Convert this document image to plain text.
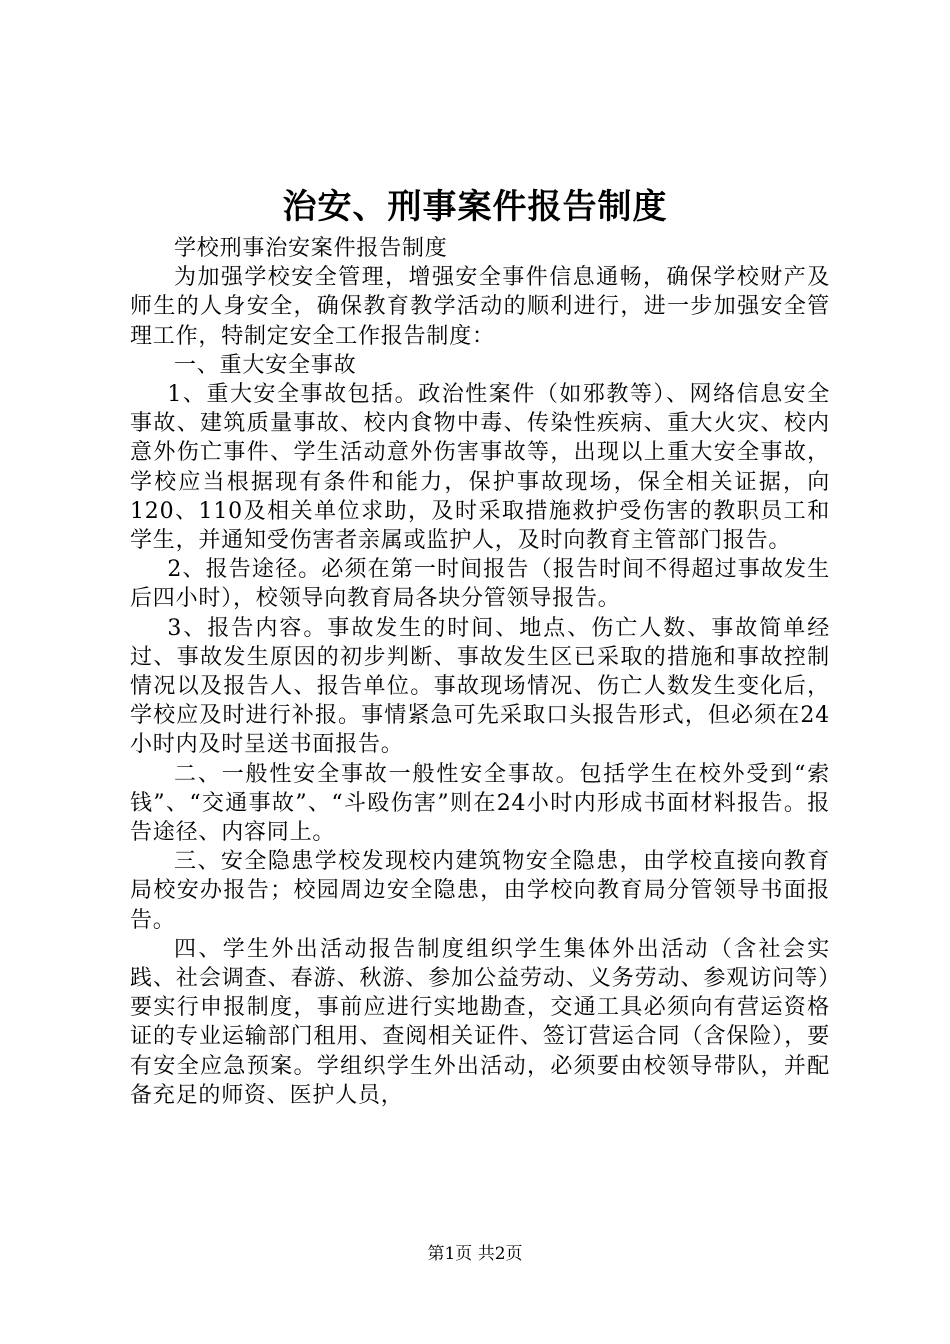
治安、刑事案件报告制度

学校刑事治安案件报告制度

为加强学校安全管理，增强安全事件信息通畅，确保学校财产及师生的人身安全，确保教育教学活动的顺利进行，进一步加强安全管理工作，特制定安全工作报告制度：

一、重大安全事故

1、重大安全事故包括。政治性案件（如邪教等）、网络信息安全事故、建筑质量事故、校内食物中毒、传染性疾病、重大火灾、校内意外伤亡事件、学生活动意外伤害事故等，出现以上重大安全事故，学校应当根据现有条件和能力，保护事故现场，保全相关证据，向120、110及相关单位求助，及时采取措施救护受伤害的教职员工和学生，并通知受伤害者亲属或监护人，及时向教育主管部门报告。

2、报告途径。必须在第一时间报告（报告时间不得超过事故发生后四小时），校领导向教育局各块分管领导报告。

3、报告内容。事故发生的时间、地点、伤亡人数、事故简单经过、事故发生原因的初步判断、事故发生区已采取的措施和事故控制情况以及报告人、报告单位。事故现场情况、伤亡人数发生变化后，学校应及时进行补报。事情紧急可先采取口头报告形式，但必须在24小时内及时呈送书面报告。

二、一般性安全事故一般性安全事故。包括学生在校外受到“索钱”、“交通事故”、“斗殴伤害”则在24小时内形成书面材料报告。报告途径、内容同上。

三、安全隐患学校发现校内建筑物安全隐患，由学校直接向教育局校安办报告；校园周边安全隐患，由学校向教育局分管领导书面报告。

四、学生外出活动报告制度组织学生集体外出活动（含社会实践、社会调查、春游、秋游、参加公益劳动、义务劳动、参观访问等）要实行申报制度，事前应进行实地勘查，交通工具必须向有营运资格证的专业运输部门租用、查阅相关证件、签订营运合同（含保险），要有安全应急预案。学组织学生外出活动，必须要由校领导带队，并配备充足的师资、医护人员，

第1页 共2页
